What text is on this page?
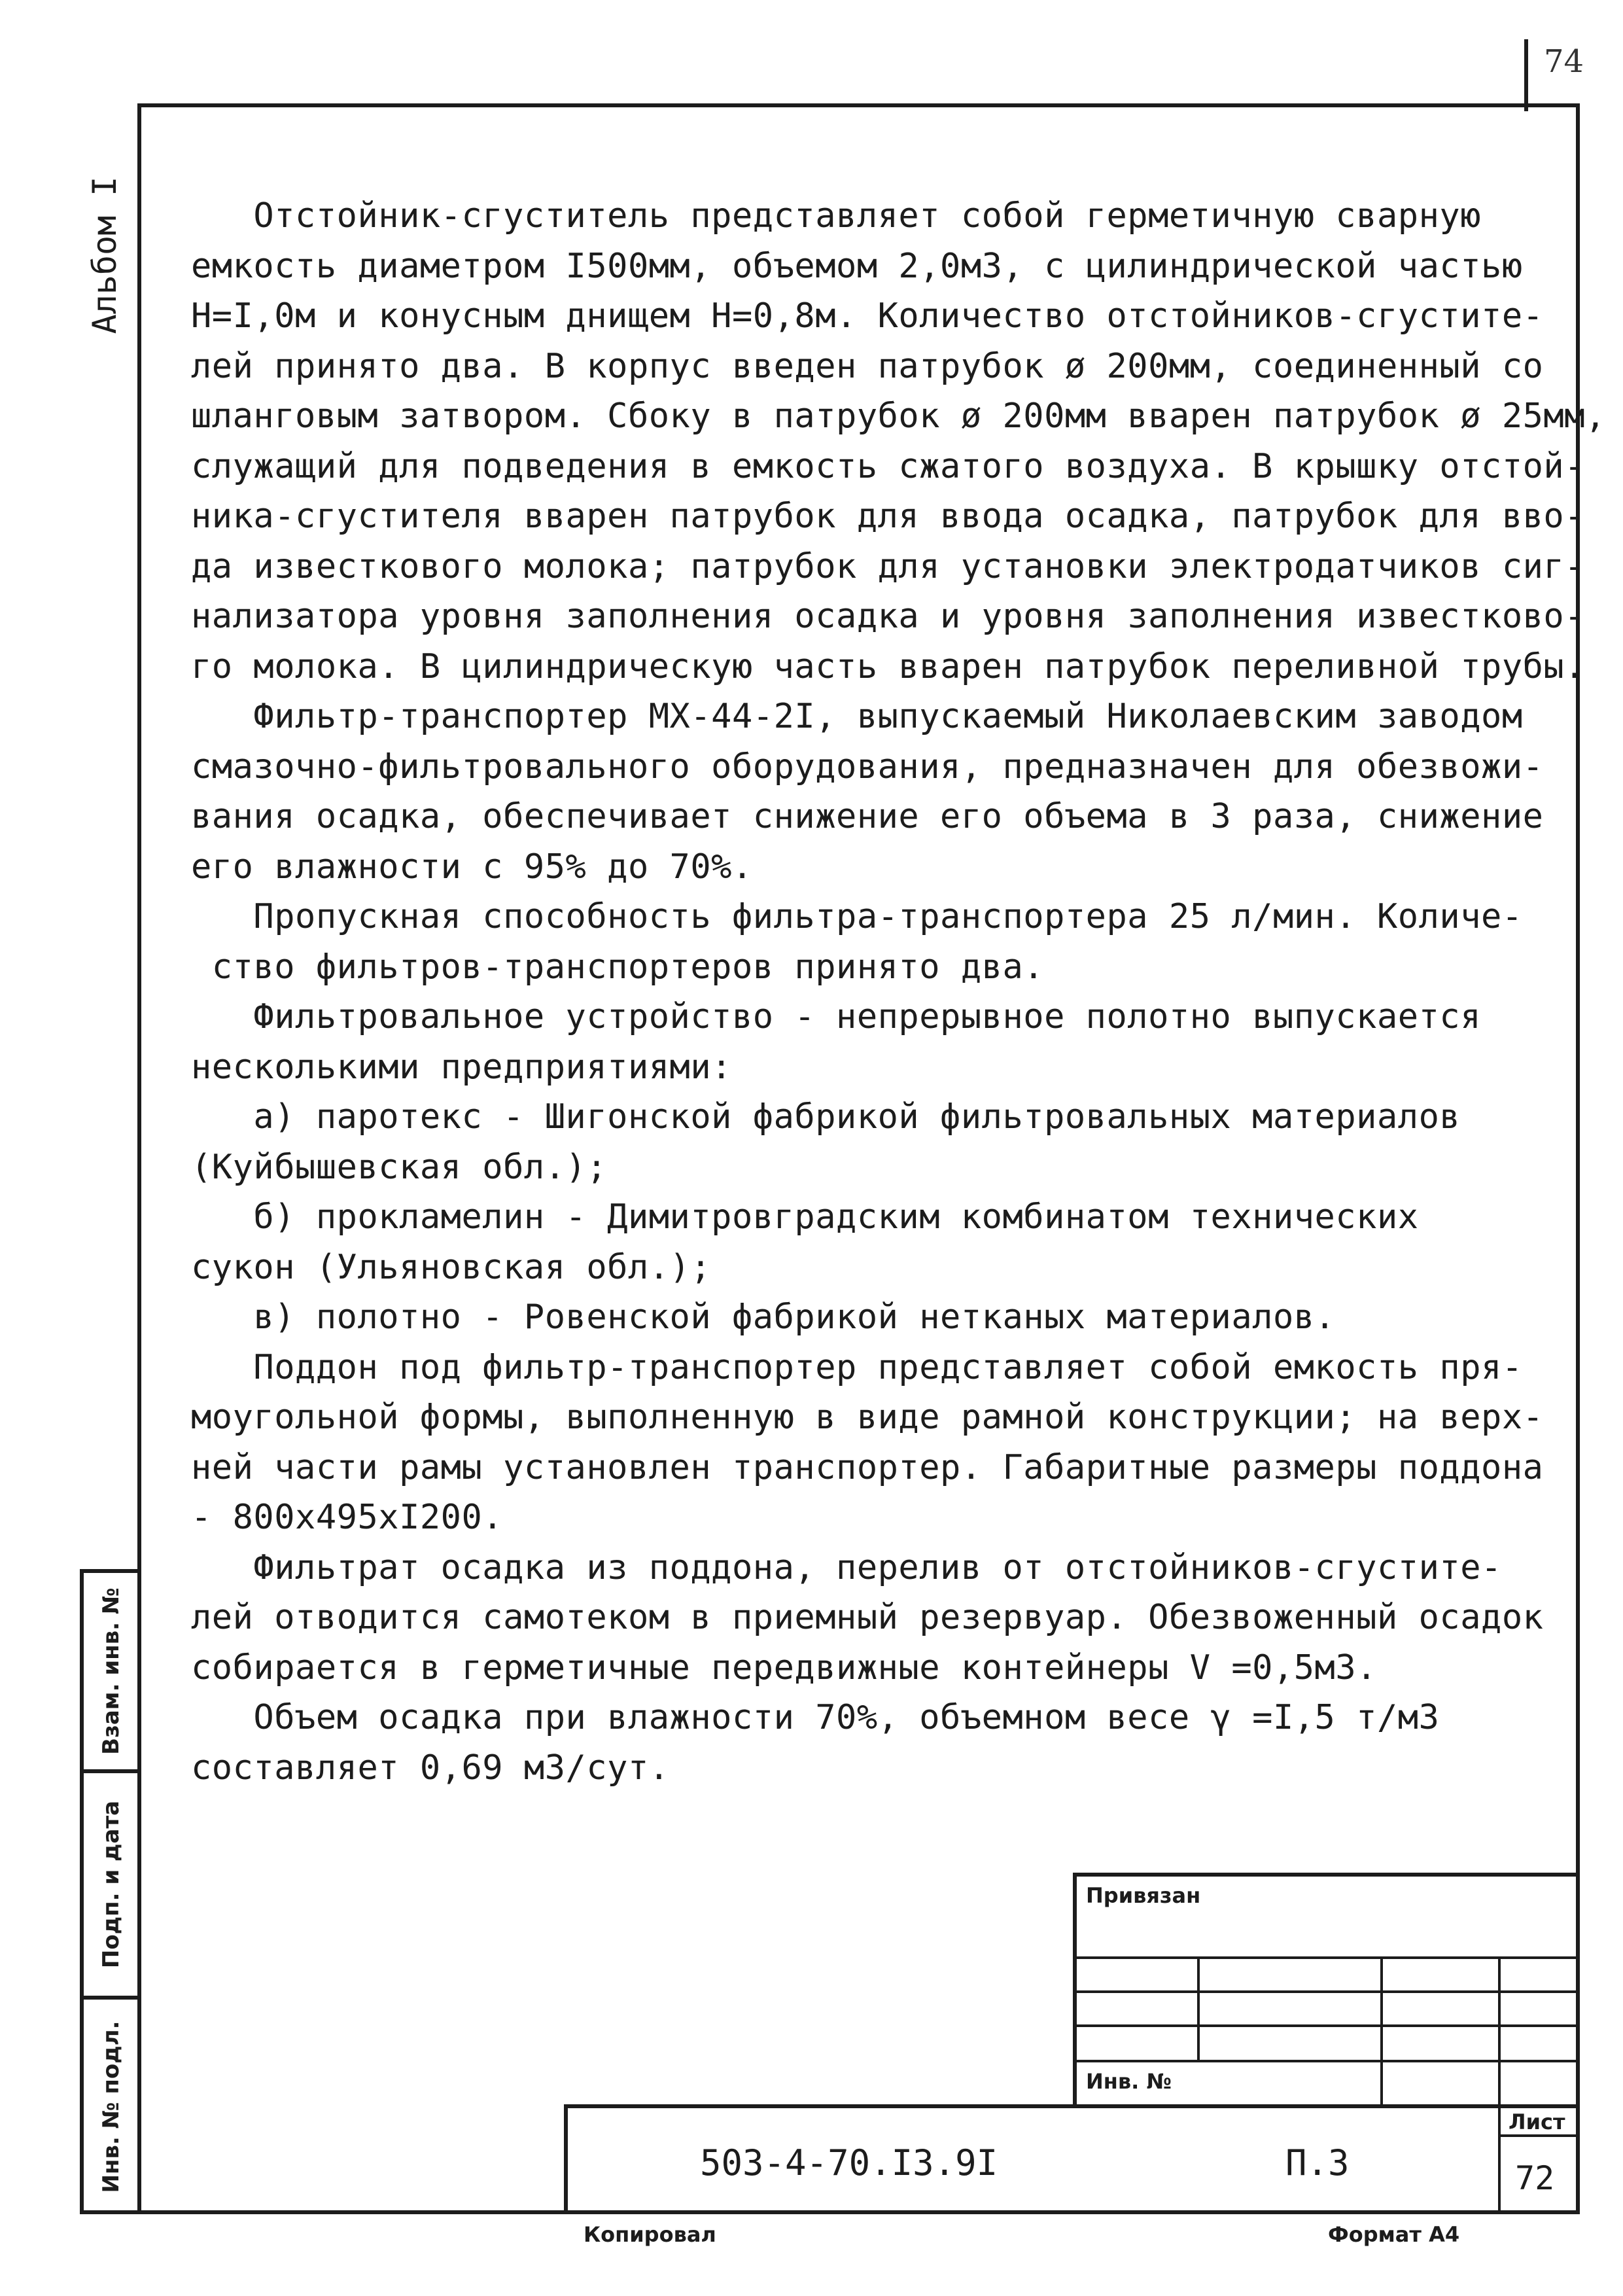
74
Альбом I Отстойник-сгуститель представляет собой герметичную сварную
емкость диаметром I500мм, объемом 2,0м3, с цилиндрической частью
Н=I,0м и конусным днищем Н=0,8м. Количество отстойников-сгустите-
лей принято два. В корпус введен патрубок ø 200мм, соединенный со
шланговым затвором. Сбоку в патрубок ø 200мм вварен патрубок ø 25мм,
служащий для подведения в емкость сжатого воздуха. В крышку отстой-
ника-сгустителя вварен патрубок для ввода осадка, патрубок для вво-
да известкового молока; патрубок для установки электродатчиков сиг-
нализатора уровня заполнения осадка и уровня заполнения известково-
го молока. В цилиндрическую часть вварен патрубок переливной трубы.
Фильтр-транспортер МХ-44-2I, выпускаемый Николаевским заводом
смазочно-фильтровального оборудования, предназначен для обезвожи-
вания осадка, обеспечивает снижение его объема в 3 раза, снижение
его влажности с 95% до 70%.
Пропускная способность фильтра-транспортера 25 л/мин. Количе-
ство фильтров-транспортеров принято два.
Фильтровальное устройство - непрерывное полотно выпускается
несколькими предприятиями:
а) паротекс - Шигонской фабрикой фильтровальных материалов
(Куйбышевская обл.);
б) прокламелин - Димитровградским комбинатом технических
сукон (Ульяновская обл.);
в) полотно - Ровенской фабрикой нетканых материалов.
Поддон под фильтр-транспортер представляет собой емкость пря-
моугольной формы, выполненную в виде рамной конструкции; на верх-
ней части рамы установлен транспортер. Габаритные размеры поддона
- 800х495хI200.
Фильтрат осадка из поддона, перелив от отстойников-сгустите-
лей отводится самотеком в приемный резервуар. Обезвоженный осадок
собирается в герметичные передвижные контейнеры V =0,5м3.
Объем осадка при влажности 70%, объемном весе γ =I,5 т/м3
составляет 0,69 м3/сут.
Взам. инв. №
Подп. и дата
Инв. № подл.
Привязан
Инв. №
503-4-70.I3.9I	П.3
Лист
72
Копировал	Формат А4
